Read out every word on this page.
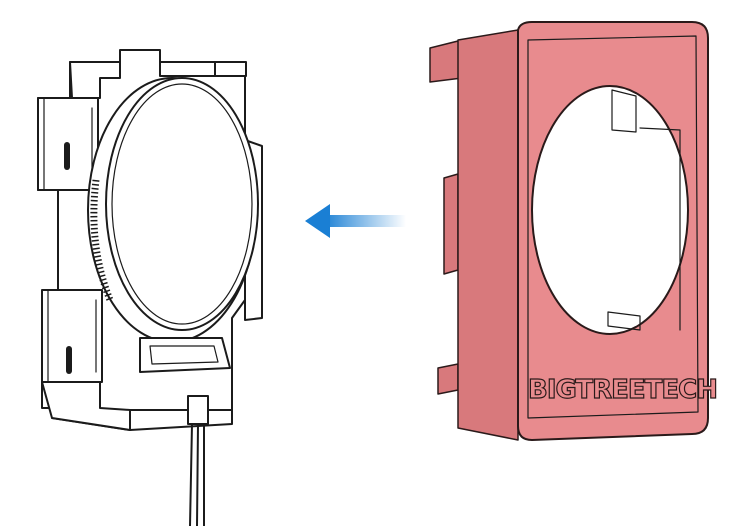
BIGTREETECH
